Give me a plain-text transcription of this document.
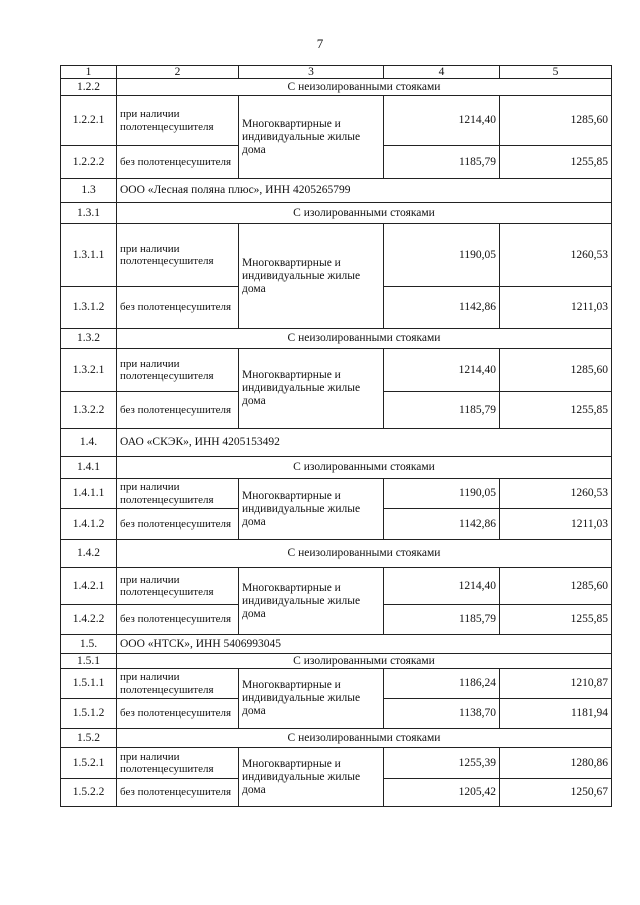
7
1	2	3	4	5
1.2.2	С неизолированными стояками			
1.2.2.1	при наличии полотенцесушителя	Многоквартирные и индивидуальные жилые дома	1214,40	1285,60
1.2.2.2	без полотенцесушителя		1185,79	1255,85
1.3	ООО «Лесная поляна плюс», ИНН 4205265799			
1.3.1	С изолированными стояками			
1.3.1.1	при наличии полотенцесушителя	Многоквартирные и индивидуальные жилые дома	1190,05	1260,53
1.3.1.2	без полотенцесушителя		1142,86	1211,03
1.3.2	С неизолированными стояками			
1.3.2.1	при наличии полотенцесушителя	Многоквартирные и индивидуальные жилые дома	1214,40	1285,60
1.3.2.2	без полотенцесушителя		1185,79	1255,85
1.4.	ОАО «СКЭК», ИНН 4205153492			
1.4.1	С изолированными стояками			
1.4.1.1	при наличии полотенцесушителя	Многоквартирные и индивидуальные жилые дома	1190,05	1260,53
1.4.1.2	без полотенцесушителя		1142,86	1211,03
1.4.2	С неизолированными стояками			
1.4.2.1	при наличии полотенцесушителя	Многоквартирные и индивидуальные жилые дома	1214,40	1285,60
1.4.2.2	без полотенцесушителя		1185,79	1255,85
1.5.	ООО «НТСК», ИНН 5406993045			
1.5.1	С изолированными стояками			
1.5.1.1	при наличии полотенцесушителя	Многоквартирные и индивидуальные жилые дома	1186,24	1210,87
1.5.1.2	без полотенцесушителя		1138,70	1181,94
1.5.2	С неизолированными стояками			
1.5.2.1	при наличии полотенцесушителя	Многоквартирные и индивидуальные жилые дома	1255,39	1280,86
1.5.2.2	без полотенцесушителя		1205,42	1250,67
